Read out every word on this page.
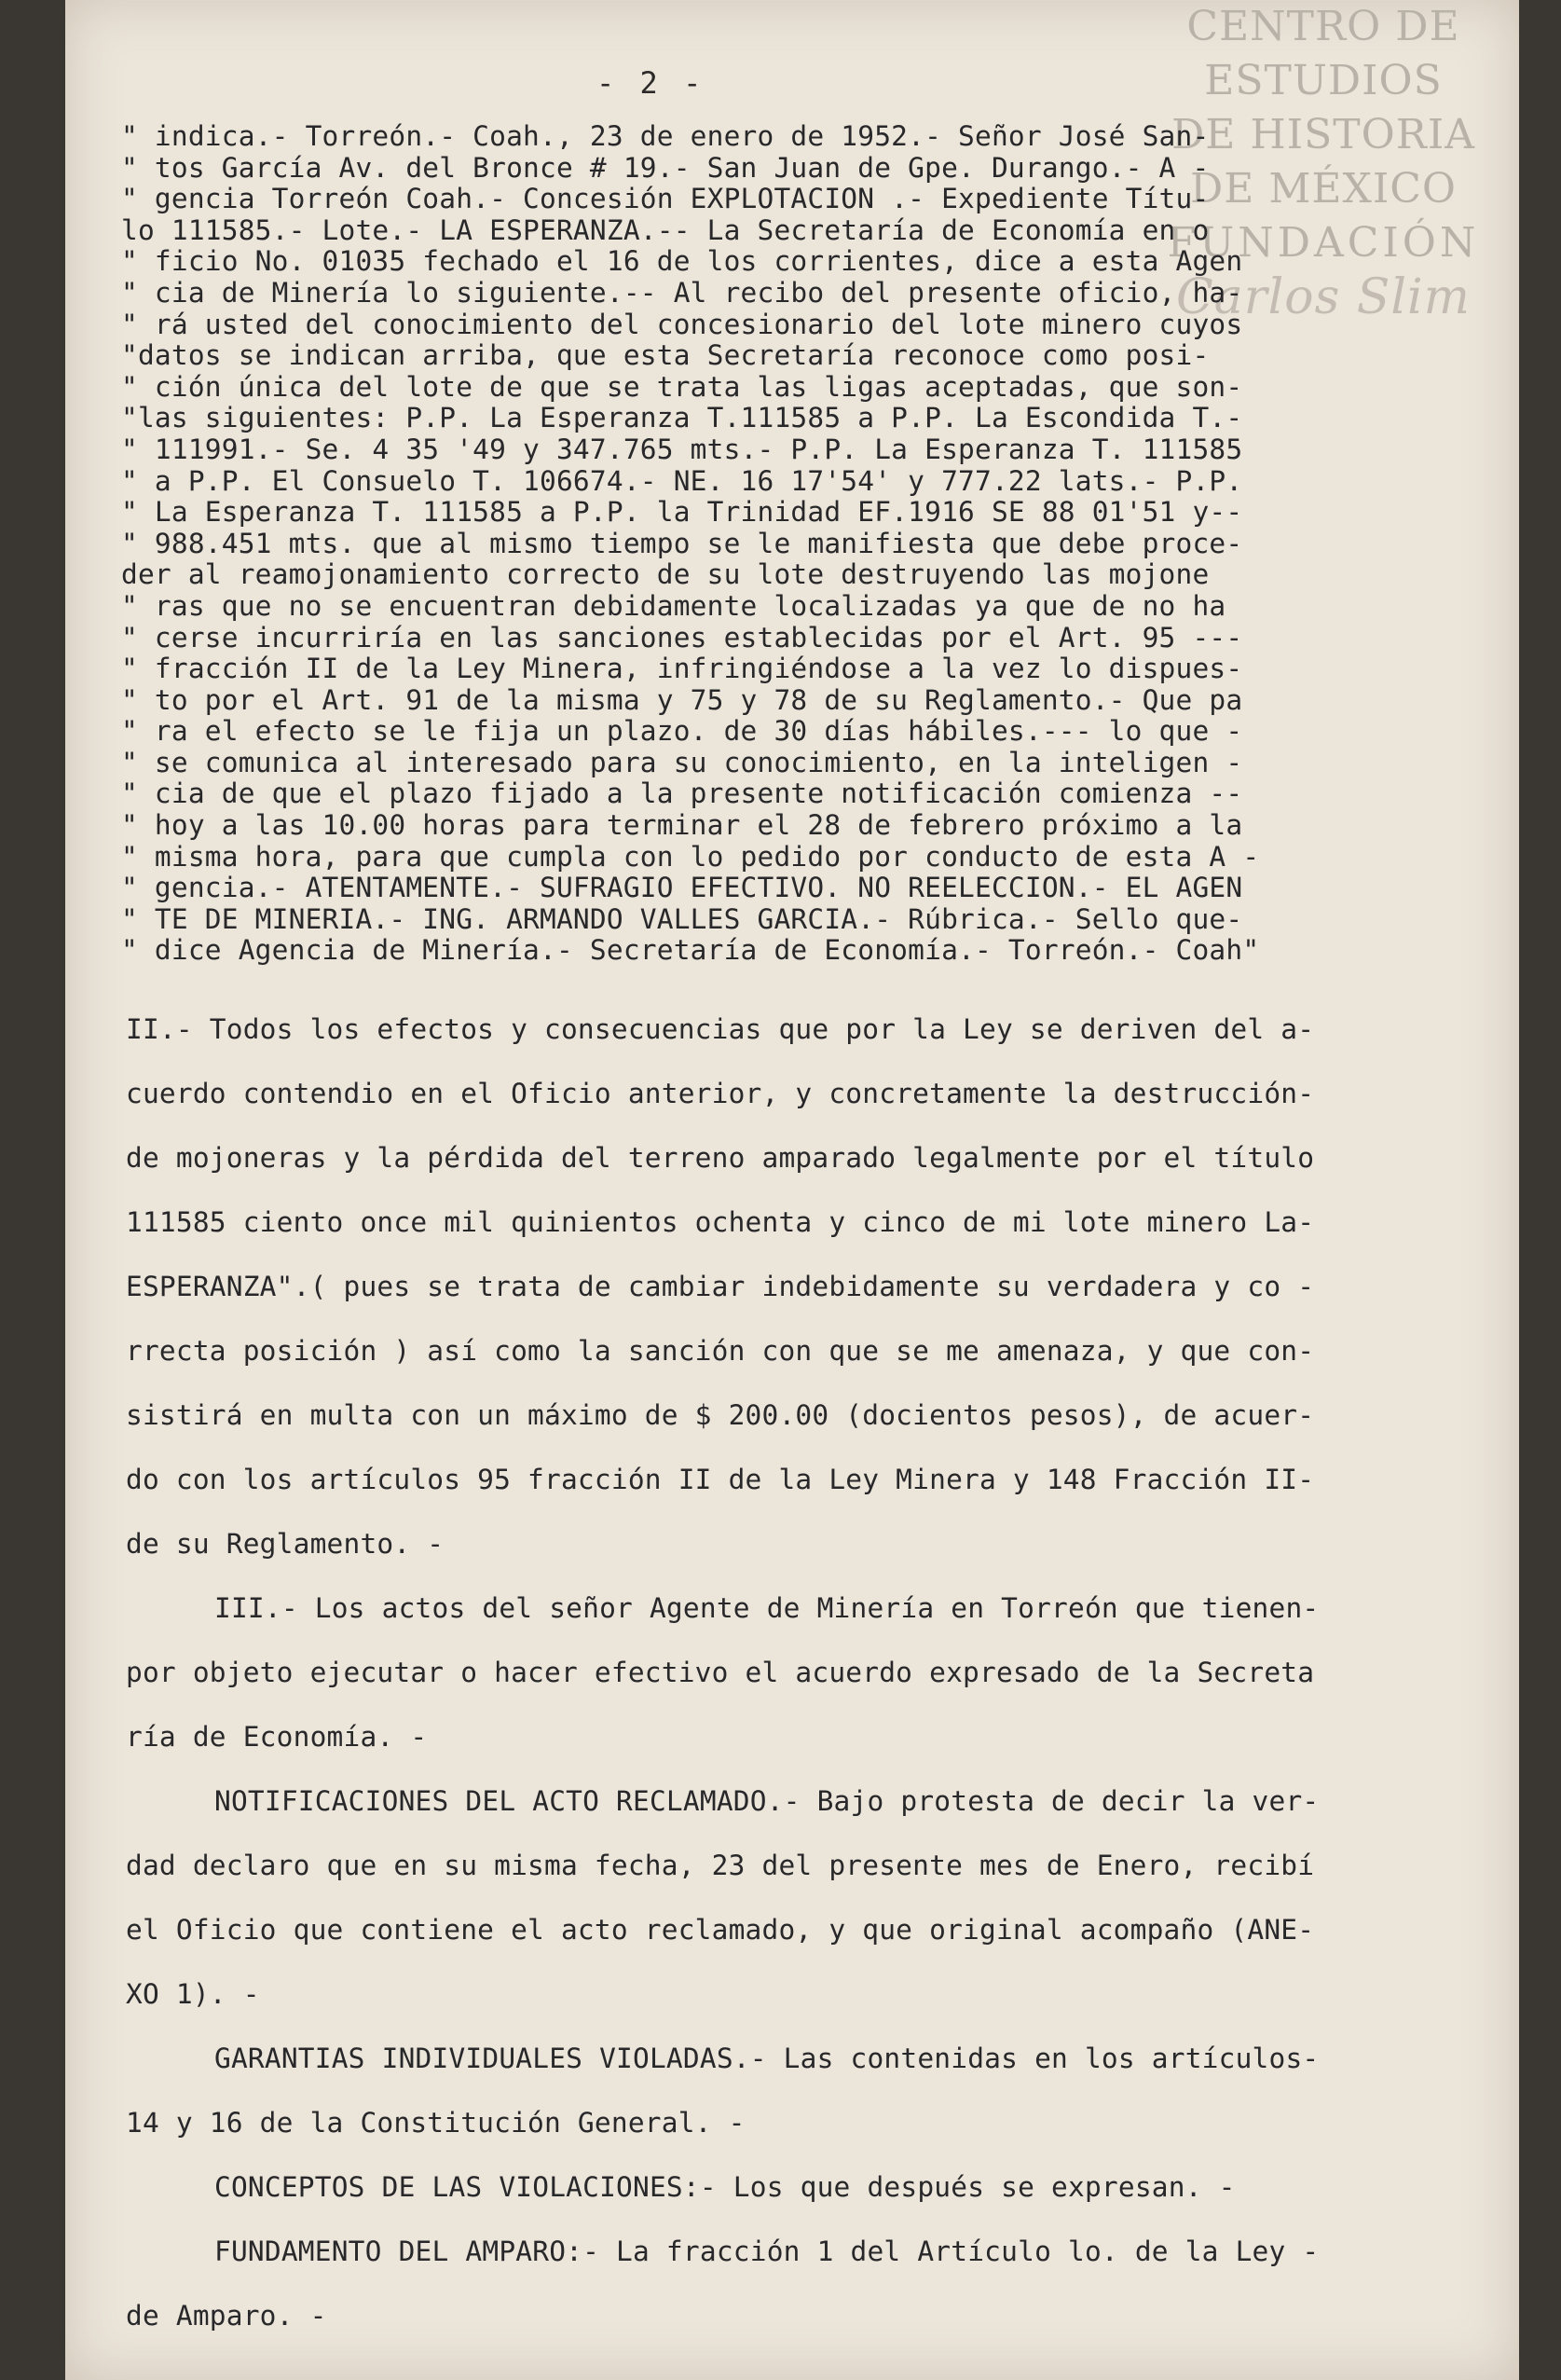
CENTRO DE
ESTUDIOS
DE HISTORIA
DE MÉXICO
FUNDACIÓN
Carlos Slim
- 2 -
" indica.- Torreón.- Coah., 23 de enero de 1952.- Señor José San-
" tos García Av. del Bronce # 19.- San Juan de Gpe. Durango.- A -
" gencia Torreón Coah.- Concesión EXPLOTACION .- Expediente Títu-
lo 111585.- Lote.- LA ESPERANZA.-- La Secretaría de Economía en o
" ficio No. 01035 fechado el 16 de los corrientes, dice a esta Agen
" cia de Minería lo siguiente.-- Al recibo del presente oficio, ha-
" rá usted del conocimiento del concesionario del lote minero cuyos
"datos se indican arriba, que esta Secretaría reconoce como posi-
" ción única del lote de que se trata las ligas aceptadas, que son-
"las siguientes: P.P. La Esperanza T.111585 a P.P. La Escondida T.-
" 111991.- Se. 4 35 '49 y 347.765 mts.- P.P. La Esperanza T. 111585
" a P.P. El Consuelo T. 106674.- NE. 16 17'54' y 777.22 lats.- P.P.
" La Esperanza T. 111585 a P.P. la Trinidad EF.1916 SE 88 01'51 y--
" 988.451 mts. que al mismo tiempo se le manifiesta que debe proce-
der al reamojonamiento correcto de su lote destruyendo las mojone
" ras que no se encuentran debidamente localizadas ya que de no ha
" cerse incurriría en las sanciones establecidas por el Art. 95 ---
" fracción II de la Ley Minera, infringiéndose a la vez lo dispues-
" to por el Art. 91 de la misma y 75 y 78 de su Reglamento.- Que pa
" ra el efecto se le fija un plazo. de 30 días hábiles.--- lo que -
" se comunica al interesado para su conocimiento, en la inteligen -
" cia de que el plazo fijado a la presente notificación comienza --
" hoy a las 10.00 horas para terminar el 28 de febrero próximo a la
" misma hora, para que cumpla con lo pedido por conducto de esta A -
" gencia.- ATENTAMENTE.- SUFRAGIO EFECTIVO. NO REELECCION.- EL AGEN
" TE DE MINERIA.- ING. ARMANDO VALLES GARCIA.- Rúbrica.- Sello que-
" dice Agencia de Minería.- Secretaría de Economía.- Torreón.- Coah"
II.- Todos los efectos y consecuencias que por la Ley se deriven del a-
cuerdo contendio en el Oficio anterior, y concretamente la destrucción-
de mojoneras y la pérdida del terreno amparado legalmente por el título
111585 ciento once mil quinientos ochenta y cinco de mi lote minero La-
ESPERANZA".( pues se trata de cambiar indebidamente su verdadera y co -
rrecta posición ) así como la sanción con que se me amenaza, y que con-
sistirá en multa con un máximo de $ 200.00 (docientos pesos), de acuer-
do con los artículos 95 fracción II de la Ley Minera y 148 Fracción II-
de su Reglamento. -
III.- Los actos del señor Agente de Minería en Torreón que tienen-
por objeto ejecutar o hacer efectivo el acuerdo expresado de la Secreta
ría de Economía. -
NOTIFICACIONES DEL ACTO RECLAMADO.- Bajo protesta de decir la ver-
dad declaro que en su misma fecha, 23 del presente mes de Enero, recibí
el Oficio que contiene el acto reclamado, y que original acompaño (ANE-
XO 1). -
GARANTIAS INDIVIDUALES VIOLADAS.- Las contenidas en los artículos-
14 y 16 de la Constitución General. -
CONCEPTOS DE LAS VIOLACIONES:- Los que después se expresan. -
FUNDAMENTO DEL AMPARO:- La fracción 1 del Artículo lo. de la Ley -
de Amparo. -
